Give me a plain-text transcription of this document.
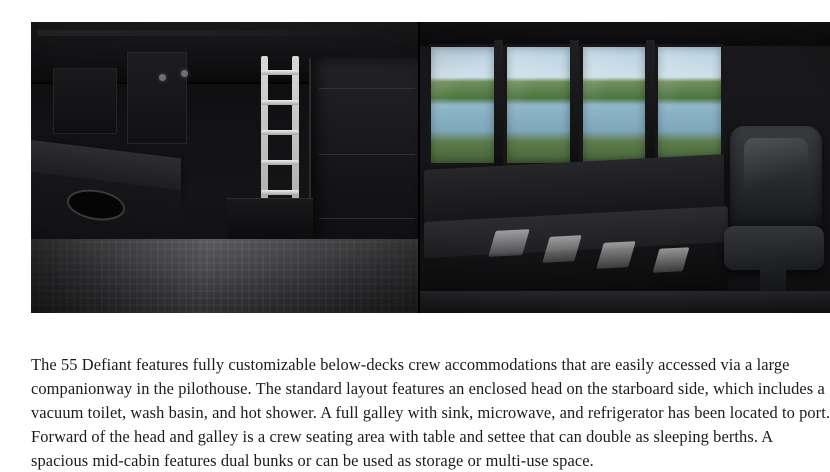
The 55 Defiant features fully customizable below-decks crew accommodations that are easily accessed via a large companionway in the pilothouse. The standard layout features an enclosed head on the starboard side, which includes a vacuum toilet, wash basin, and hot shower. A full galley with sink, microwave, and refrigerator has been located to port. Forward of the head and galley is a crew seating area with table and settee that can double as sleeping berths. A spacious mid-cabin features dual bunks or can be used as storage or multi-use space.
